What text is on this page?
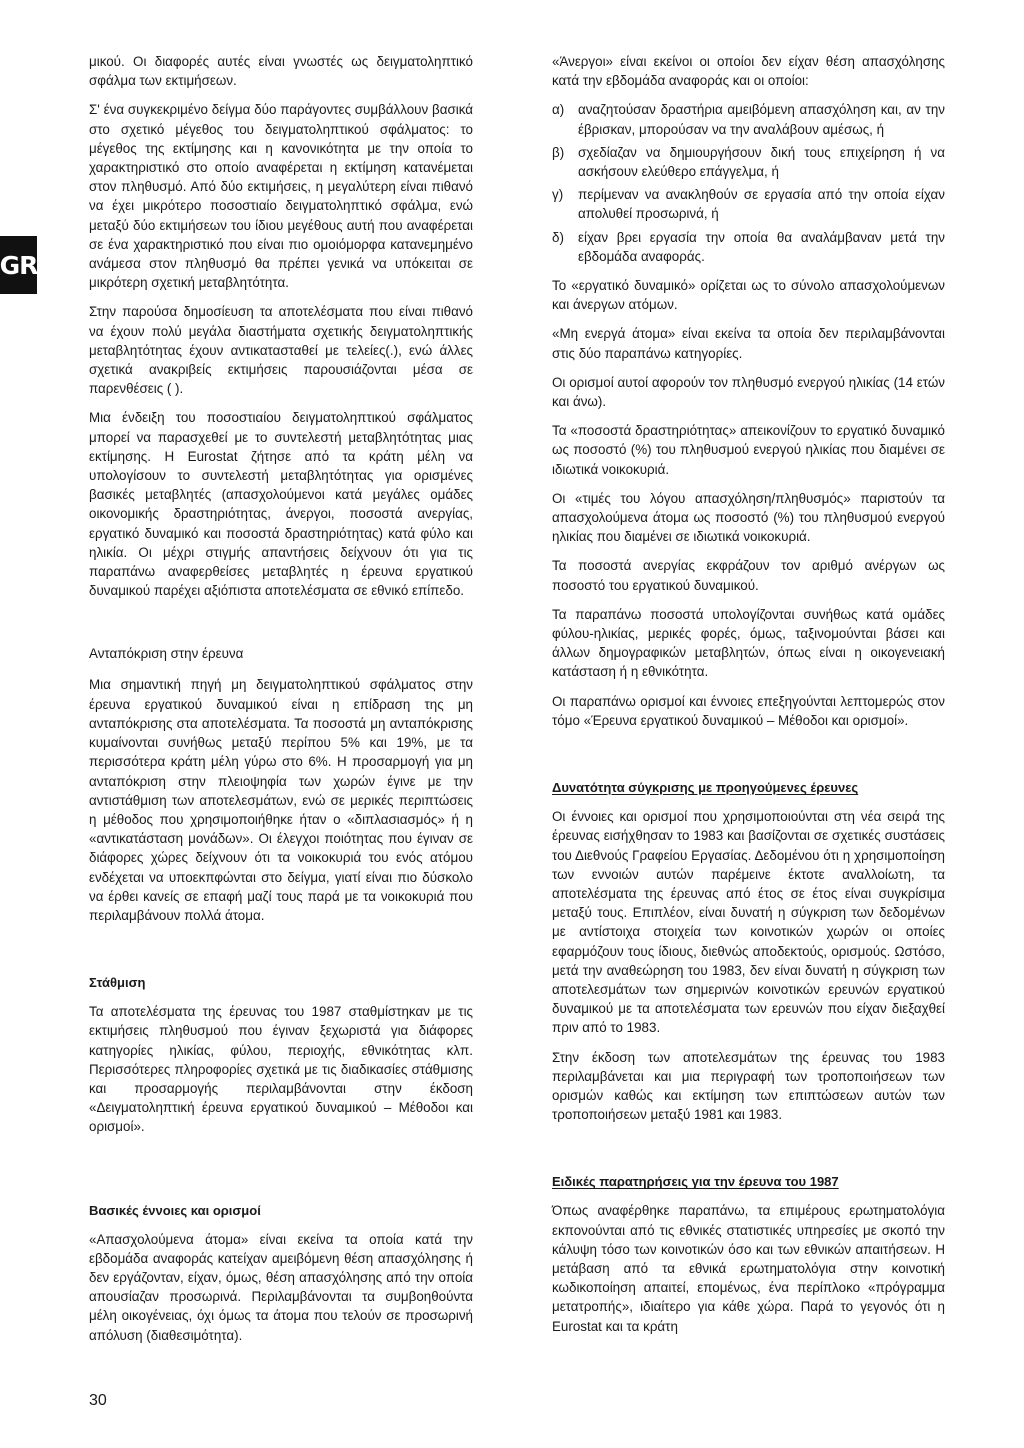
GR

μικού. Οι διαφορές αυτές είναι γνωστές ως δειγματοληπτικό σφάλμα των εκτιμήσεων.

Σ' ένα συγκεκριμένο δείγμα δύο παράγοντες συμβάλλουν βασικά στο σχετικό μέγεθος του δειγματοληπτικού σφάλματος: το μέγεθος της εκτίμησης και η κανονικότητα με την οποία το χαρακτηριστικό στο οποίο αναφέρεται η εκτίμηση κατανέμεται στον πληθυσμό. Από δύο εκτιμήσεις, η μεγαλύτερη είναι πιθανό να έχει μικρότερο ποσοστιαίο δειγματοληπτικό σφάλμα, ενώ μεταξύ δύο εκτιμήσεων του ίδιου μεγέθους αυτή που αναφέρεται σε ένα χαρακτηριστικό που είναι πιο ομοιόμορφα κατανεμημένο ανάμεσα στον πληθυσμό θα πρέπει γενικά να υπόκειται σε μικρότερη σχετική μεταβλητότητα.

Στην παρούσα δημοσίευση τα αποτελέσματα που είναι πιθανό να έχουν πολύ μεγάλα διαστήματα σχετικής δειγματοληπτικής μεταβλητότητας έχουν αντικατασταθεί με τελείες(.), ενώ άλλες σχετικά ανακριβείς εκτιμήσεις παρουσιάζονται μέσα σε παρενθέσεις ( ).

Μια ένδειξη του ποσοστιαίου δειγματοληπτικού σφάλματος μπορεί να παρασχεθεί με το συντελεστή μεταβλητότητας μιας εκτίμησης. Η Eurostat ζήτησε από τα κράτη μέλη να υπολογίσουν το συντελεστή μεταβλητότητας για ορισμένες βασικές μεταβλητές (απασχολούμενοι κατά μεγάλες ομάδες οικονομικής δραστηριότητας, άνεργοι, ποσοστά ανεργίας, εργατικό δυναμικό και ποσοστά δραστηριότητας) κατά φύλο και ηλικία. Οι μέχρι στιγμής απαντήσεις δείχνουν ότι για τις παραπάνω αναφερθείσες μεταβλητές η έρευνα εργατικού δυναμικού παρέχει αξιόπιστα αποτελέσματα σε εθνικό επίπεδο.

Ανταπόκριση στην έρευνα

Μια σημαντική πηγή μη δειγματοληπτικού σφάλματος στην έρευνα εργατικού δυναμικού είναι η επίδραση της μη ανταπόκρισης στα αποτελέσματα. Τα ποσοστά μη ανταπόκρισης κυμαίνονται συνήθως μεταξύ περίπου 5% και 19%, με τα περισσότερα κράτη μέλη γύρω στο 6%. Η προσαρμογή για μη ανταπόκριση στην πλειοψηφία των χωρών έγινε με την αντιστάθμιση των αποτελεσμάτων, ενώ σε μερικές περιπτώσεις η μέθοδος που χρησιμοποιήθηκε ήταν ο «διπλασιασμός» ή η «αντικατάσταση μονάδων». Οι έλεγχοι ποιότητας που έγιναν σε διάφορες χώρες δείχνουν ότι τα νοικοκυριά του ενός ατόμου ενδέχεται να υποεκπφώνται στο δείγμα, γιατί είναι πιο δύσκολο να έρθει κανείς σε επαφή μαζί τους παρά με τα νοικοκυριά που περιλαμβάνουν πολλά άτομα.

Στάθμιση

Τα αποτελέσματα της έρευνας του 1987 σταθμίστηκαν με τις εκτιμήσεις πληθυσμού που έγιναν ξεχωριστά για διάφορες κατηγορίες ηλικίας, φύλου, περιοχής, εθνικότητας κλπ. Περισσότερες πληροφορίες σχετικά με τις διαδικασίες στάθμισης και προσαρμογής περιλαμβάνονται στην έκδοση «Δειγματοληπτική έρευνα εργατικού δυναμικού – Μέθοδοι και ορισμοί».

Βασικές έννοιες και ορισμοί

«Απασχολούμενα άτομα» είναι εκείνα τα οποία κατά την εβδομάδα αναφοράς κατείχαν αμειβόμενη θέση απασχόλησης ή δεν εργάζονταν, είχαν, όμως, θέση απασχόλησης από την οποία απουσίαζαν προσωρινά. Περιλαμβάνονται τα συμβοηθούντα μέλη οικογένειας, όχι όμως τα άτομα που τελούν σε προσωρινή απόλυση (διαθεσιμότητα).

«Άνεργοι» είναι εκείνοι οι οποίοι δεν είχαν θέση απασχόλησης κατά την εβδομάδα αναφοράς και οι οποίοι:

α)	αναζητούσαν δραστήρια αμειβόμενη απασχόληση και, αν την έβρισκαν, μπορούσαν να την αναλάβουν αμέσως, ή
β)	σχεδίαζαν να δημιουργήσουν δική τους επιχείρηση ή να ασκήσουν ελεύθερο επάγγελμα, ή
γ)	περίμεναν να ανακληθούν σε εργασία από την οποία είχαν απολυθεί προσωρινά, ή
δ)	είχαν βρει εργασία την οποία θα αναλάμβαναν μετά την εβδομάδα αναφοράς.

Το «εργατικό δυναμικό» ορίζεται ως το σύνολο απασχολούμενων και άνεργων ατόμων.

«Μη ενεργά άτομα» είναι εκείνα τα οποία δεν περιλαμβάνονται στις δύο παραπάνω κατηγορίες.

Οι ορισμοί αυτοί αφορούν τον πληθυσμό ενεργού ηλικίας (14 ετών και άνω).

Τα «ποσοστά δραστηριότητας» απεικονίζουν το εργατικό δυναμικό ως ποσοστό (%) του πληθυσμού ενεργού ηλικίας που διαμένει σε ιδιωτικά νοικοκυριά.

Οι «τιμές του λόγου απασχόληση/πληθυσμός» παριστούν τα απασχολούμενα άτομα ως ποσοστό (%) του πληθυσμού ενεργού ηλικίας που διαμένει σε ιδιωτικά νοικοκυριά.

Τα ποσοστά ανεργίας εκφράζουν τον αριθμό ανέργων ως ποσοστό του εργατικού δυναμικού.

Τα παραπάνω ποσοστά υπολογίζονται συνήθως κατά ομάδες φύλου-ηλικίας, μερικές φορές, όμως, ταξινομούνται βάσει και άλλων δημογραφικών μεταβλητών, όπως είναι η οικογενειακή κατάσταση ή η εθνικότητα.

Οι παραπάνω ορισμοί και έννοιες επεξηγούνται λεπτομερώς στον τόμο «Έρευνα εργατικού δυναμικού – Μέθοδοι και ορισμοί».

Δυνατότητα σύγκρισης με προηγούμενες έρευνες

Οι έννοιες και ορισμοί που χρησιμοποιούνται στη νέα σειρά της έρευνας εισήχθησαν το 1983 και βασίζονται σε σχετικές συστάσεις του Διεθνούς Γραφείου Εργασίας. Δεδομένου ότι η χρησιμοποίηση των εννοιών αυτών παρέμεινε έκτοτε αναλλοίωτη, τα αποτελέσματα της έρευνας από έτος σε έτος είναι συγκρίσιμα μεταξύ τους. Επιπλέον, είναι δυνατή η σύγκριση των δεδομένων με αντίστοιχα στοιχεία των κοινοτικών χωρών οι οποίες εφαρμόζουν τους ίδιους, διεθνώς αποδεκτούς, ορισμούς. Ωστόσο, μετά την αναθεώρηση του 1983, δεν είναι δυνατή η σύγκριση των αποτελεσμάτων των σημερινών κοινοτικών ερευνών εργατικού δυναμικού με τα αποτελέσματα των ερευνών που είχαν διεξαχθεί πριν από το 1983.

Στην έκδοση των αποτελεσμάτων της έρευνας του 1983 περιλαμβάνεται και μια περιγραφή των τροποποιήσεων των ορισμών καθώς και εκτίμηση των επιπτώσεων αυτών των τροποποιήσεων μεταξύ 1981 και 1983.

Ειδικές παρατηρήσεις για την έρευνα του 1987

Όπως αναφέρθηκε παραπάνω, τα επιμέρους ερωτηματολόγια εκπονούνται από τις εθνικές στατιστικές υπηρεσίες με σκοπό την κάλυψη τόσο των κοινοτικών όσο και των εθνικών απαιτήσεων. Η μετάβαση από τα εθνικά ερωτηματολόγια στην κοινοτική κωδικοποίηση απαιτεί, επομένως, ένα περίπλοκο «πρόγραμμα μετατροπής», ιδιαίτερο για κάθε χώρα. Παρά το γεγονός ότι η Eurostat και τα κράτη

30
